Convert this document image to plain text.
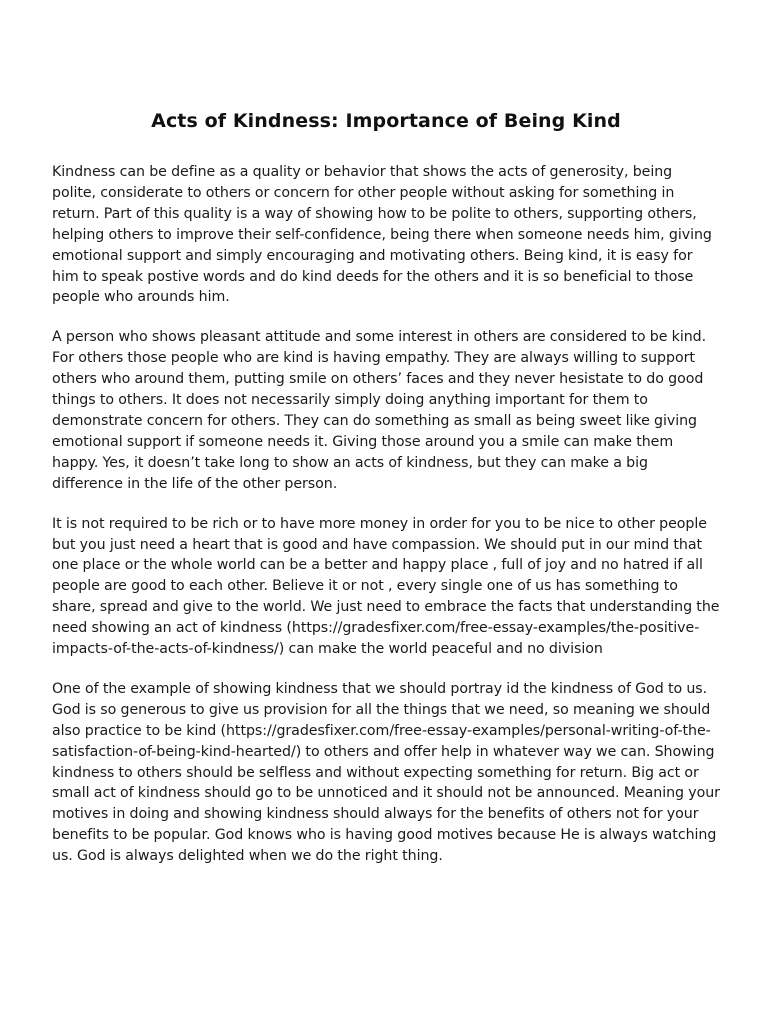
Acts of Kindness: Importance of Being Kind

Kindness can be define as a quality or behavior that shows the acts of generosity, being polite, considerate to others or concern for other people without asking for something in return. Part of this quality is a way of showing how to be polite to others, supporting others, helping others to improve their self-confidence, being there when someone needs him, giving emotional support and simply encouraging and motivating others. Being kind, it is easy for him to speak postive words and do kind deeds for the others and it is so beneficial to those people who arounds him.

A person who shows pleasant attitude and some interest in others are considered to be kind. For others those people who are kind is having empathy. They are always willing to support others who around them, putting smile on others’ faces and they never hesistate to do good things to others. It does not necessarily simply doing anything important for them to demonstrate concern for others. They can do something as small as being sweet like giving emotional support if someone needs it. Giving those around you a smile can make them happy. Yes, it doesn’t take long to show an acts of kindness, but they can make a big difference in the life of the other person.

It is not required to be rich or to have more money in order for you to be nice to other people but you just need a heart that is good and have compassion. We should put in our mind that one place or the whole world can be a better and happy place , full of joy and no hatred if all people are good to each other. Believe it or not , every single one of us has something to share, spread and give to the world. We just need to embrace the facts that understanding the need showing an act of kindness (https://gradesfixer.com/free-essay-examples/the-positive-impacts-of-the-acts-of-kindness/) can make the world peaceful and no division

One of the example of showing kindness that we should portray id the kindness of God to us. God is so generous to give us provision for all the things that we need, so meaning we should also practice to be kind (https://gradesfixer.com/free-essay-examples/personal-writing-of-the-satisfaction-of-being-kind-hearted/) to others and offer help in whatever way we can. Showing kindness to others should be selfless and without expecting something for return. Big act or small act of kindness should go to be unnoticed and it should not be announced. Meaning your motives in doing and showing kindness should always for the benefits of others not for your benefits to be popular. God knows who is having good motives because He is always watching us. God is always delighted when we do the right thing.
